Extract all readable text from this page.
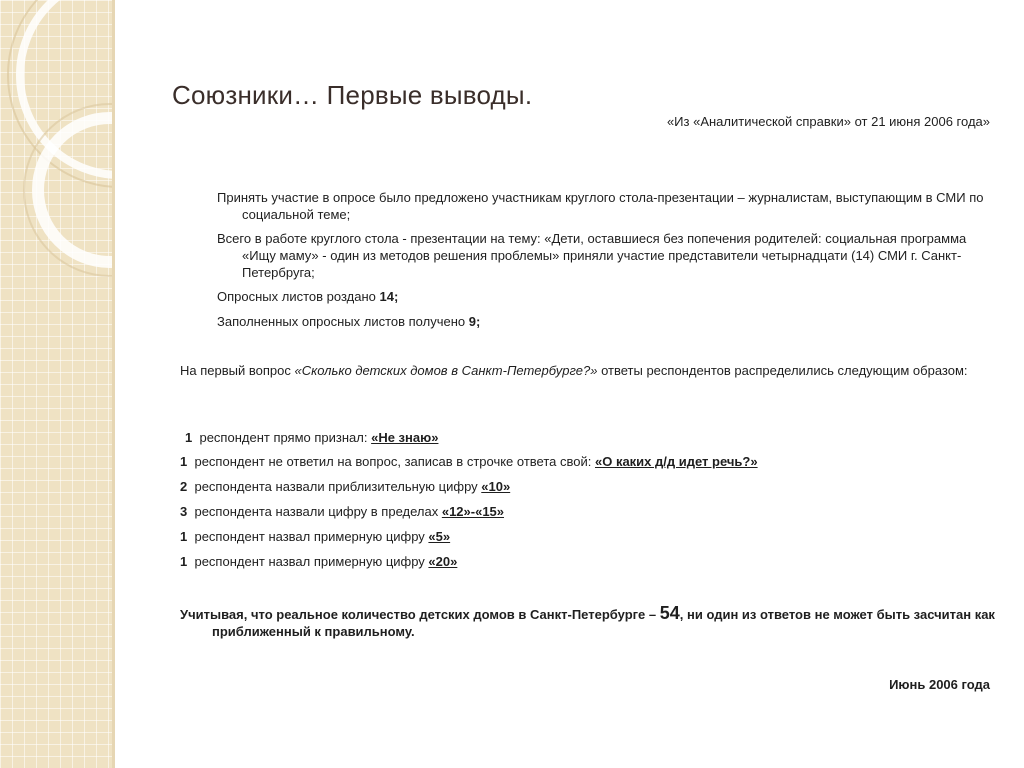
Союзники… Первые выводы.
«Из «Аналитической справки» от 21 июня 2006 года»
Принять участие в опросе было предложено участникам круглого стола-презентации – журналистам, выступающим в СМИ по социальной теме;
Всего в работе круглого стола - презентации на тему: «Дети, оставшиеся без попечения родителей: социальная программа «Ищу маму» - один из методов решения проблемы» приняли участие представители четырнадцати (14) СМИ г. Санкт-Петербруга;
Опросных листов роздано 14;
Заполненных опросных листов получено 9;
На первый вопрос «Сколько детских домов в Санкт-Петербурге?» ответы респондентов распределились следующим образом:
1 респондент прямо признал: «Не знаю»
1 респондент не ответил на вопрос, записав в строчке ответа свой: «О каких д/д идет речь?»
2 респондента назвали приблизительную цифру «10»
3 респондента назвали цифру в пределах «12»-«15»
1 респондент назвал примерную цифру «5»
1 респондент назвал примерную цифру «20»
Учитывая, что реальное количество детских домов в Санкт-Петербурге – 54, ни один из ответов не может быть засчитан как приближенный к правильному.
Июнь 2006 года
